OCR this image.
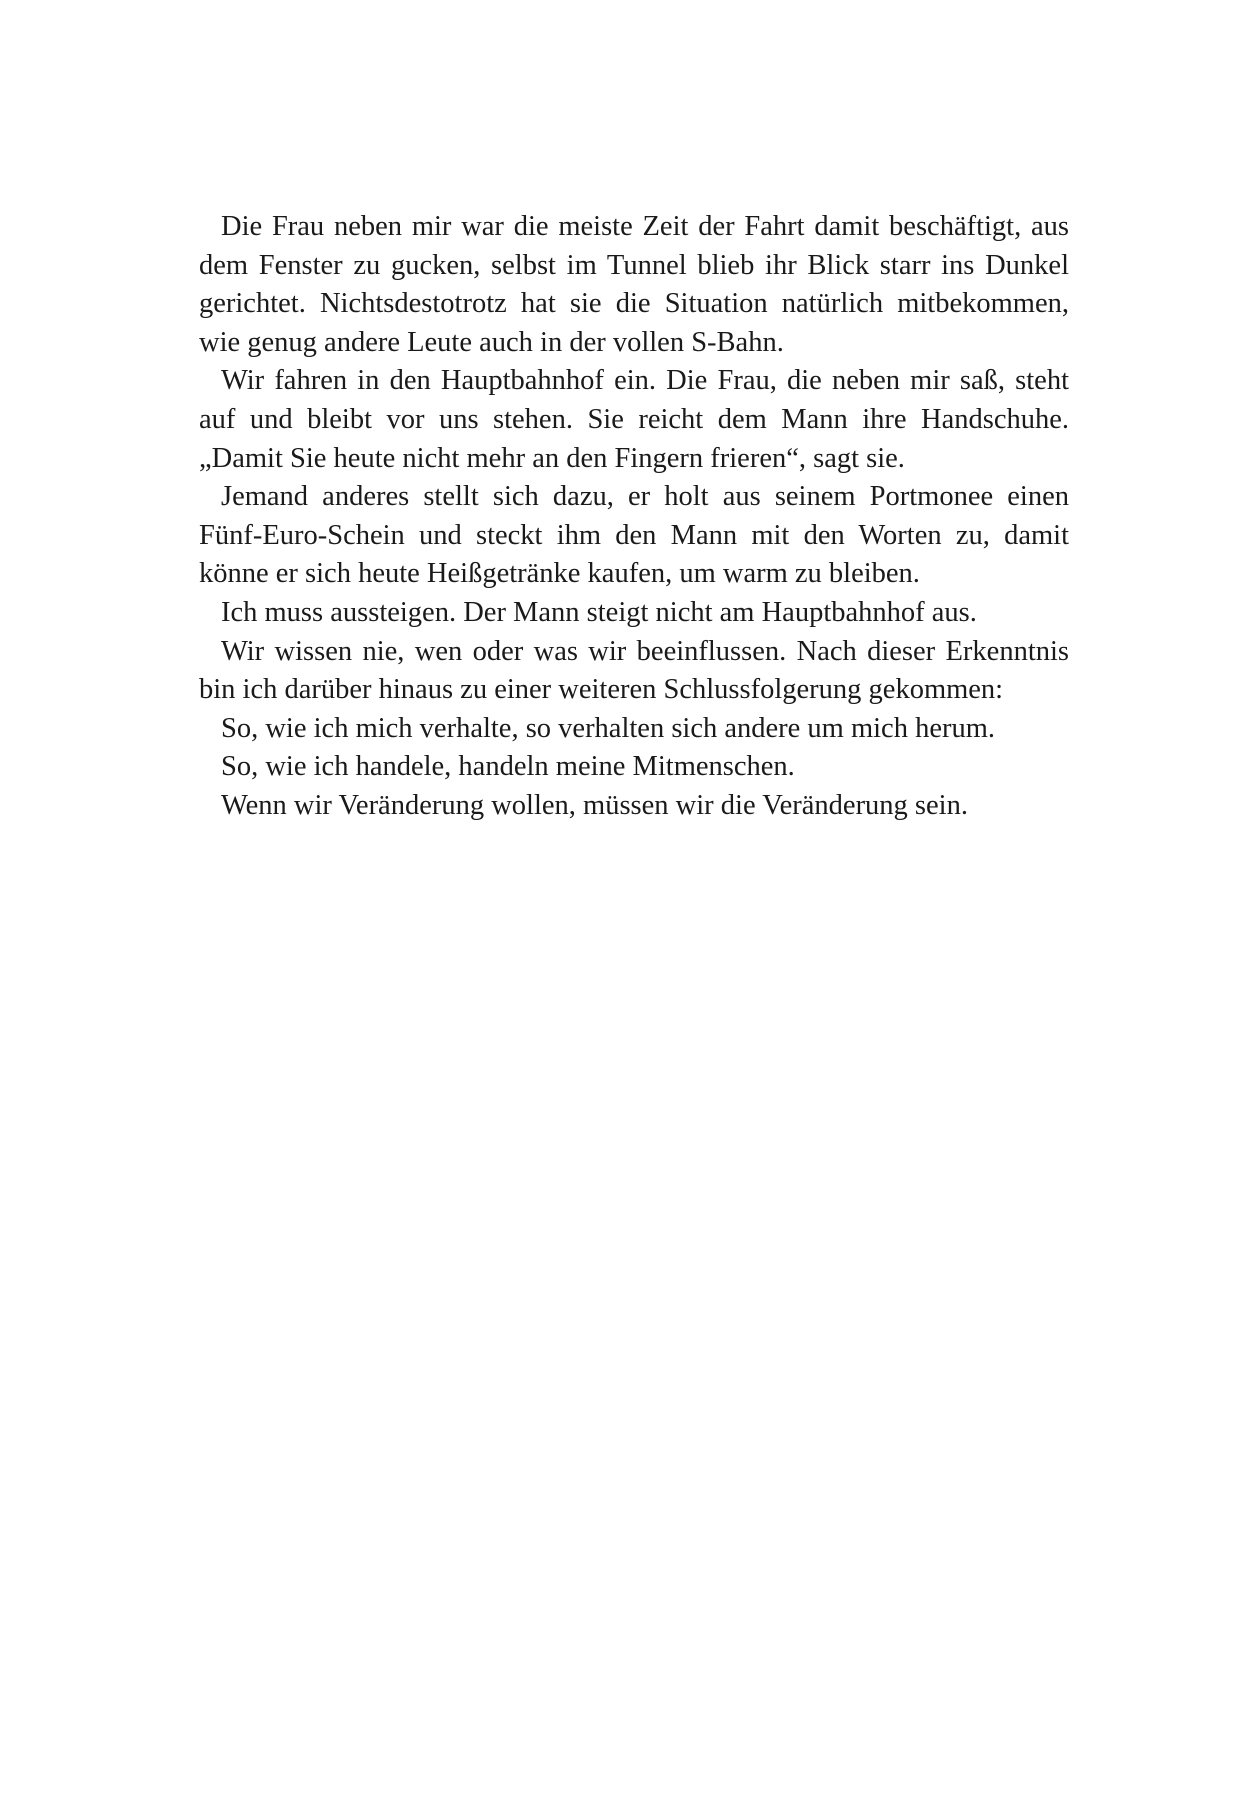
Die Frau neben mir war die meiste Zeit der Fahrt damit beschäftigt, aus
dem Fenster zu gucken, selbst im Tunnel blieb ihr Blick starr ins Dunkel
gerichtet. Nichtsdestotrotz hat sie die Situation natürlich mitbekommen,
wie genug andere Leute auch in der vollen S-Bahn.

Wir fahren in den Hauptbahnhof ein. Die Frau, die neben mir saß, steht
auf und bleibt vor uns stehen. Sie reicht dem Mann ihre Handschuhe.
„Damit Sie heute nicht mehr an den Fingern frieren“, sagt sie.

Jemand anderes stellt sich dazu, er holt aus seinem Portmonee einen
Fünf-Euro-Schein und steckt ihm den Mann mit den Worten zu, damit
könne er sich heute Heißgetränke kaufen, um warm zu bleiben.

Ich muss aussteigen. Der Mann steigt nicht am Hauptbahnhof aus.

Wir wissen nie, wen oder was wir beeinflussen. Nach dieser Erkenntnis
bin ich darüber hinaus zu einer weiteren Schlussfolgerung gekommen:

So, wie ich mich verhalte, so verhalten sich andere um mich herum.

So, wie ich handele, handeln meine Mitmenschen.

Wenn wir Veränderung wollen, müssen wir die Veränderung sein.
